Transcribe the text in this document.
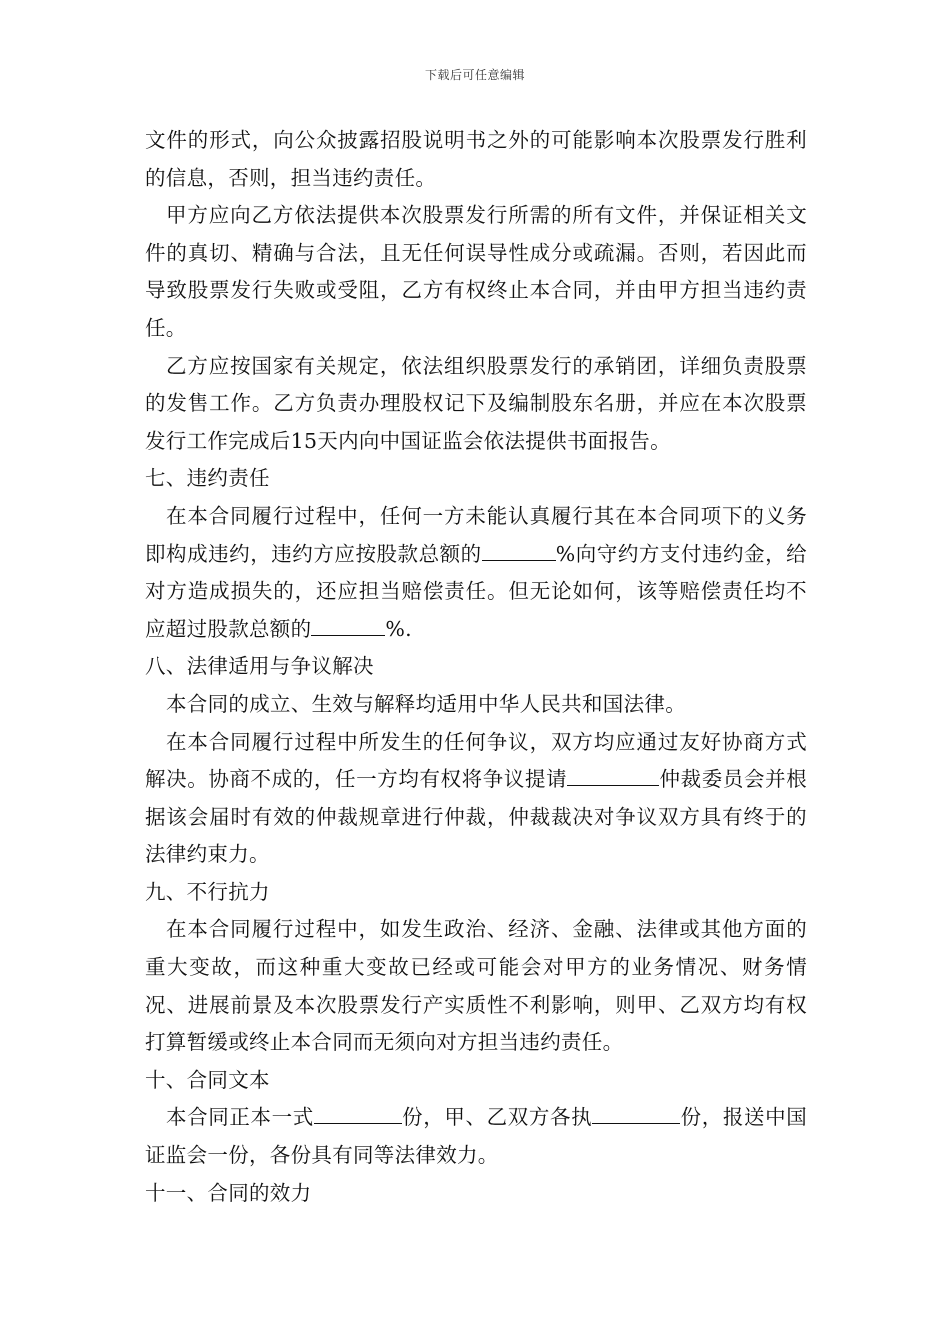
下载后可任意编辑

文件的形式，向公众披露招股说明书之外的可能影响本次股票发行胜利的信息，否则，担当违约责任。

甲方应向乙方依法提供本次股票发行所需的所有文件，并保证相关文件的真切、精确与合法，且无任何误导性成分或疏漏。否则，若因此而导致股票发行失败或受阻，乙方有权终止本合同，并由甲方担当违约责任。

乙方应按国家有关规定，依法组织股票发行的承销团，详细负责股票的发售工作。乙方负责办理股权记下及编制股东名册，并应在本次股票发行工作完成后15天内向中国证监会依法提供书面报告。

七、违约责任

在本合同履行过程中，任何一方未能认真履行其在本合同项下的义务即构成违约，违约方应按股款总额的	%向守约方支付违约金，给对方造成损失的，还应担当赔偿责任。但无论如何，该等赔偿责任均不应超过股款总额的	%.

八、法律适用与争议解决

本合同的成立、生效与解释均适用中华人民共和国法律。

在本合同履行过程中所发生的任何争议，双方均应通过友好协商方式解决。协商不成的，任一方均有权将争议提请	仲裁委员会并根据该会届时有效的仲裁规章进行仲裁，仲裁裁决对争议双方具有终于的法律约束力。

九、不行抗力

在本合同履行过程中，如发生政治、经济、金融、法律或其他方面的重大变故，而这种重大变故已经或可能会对甲方的业务情况、财务情况、进展前景及本次股票发行产实质性不利影响，则甲、乙双方均有权打算暂缓或终止本合同而无须向对方担当违约责任。

十、合同文本

本合同正本一式	份，甲、乙双方各执	份，报送中国证监会一份，各份具有同等法律效力。

十一、合同的效力
